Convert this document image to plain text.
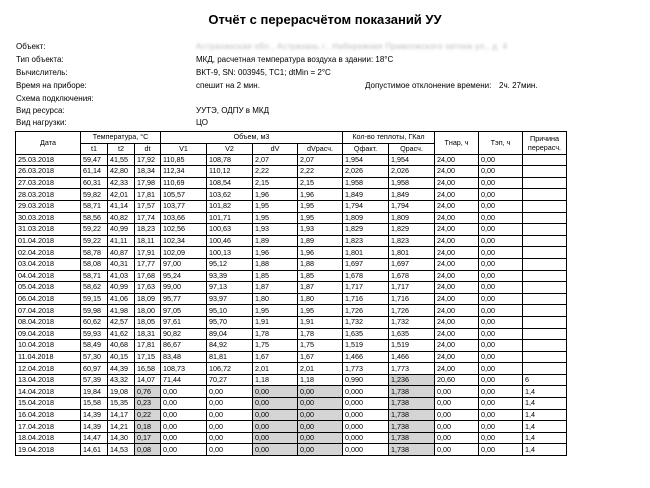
Отчёт с перерасчётом показаний УУ
Объект:	Астраханская обл., Астрахань г., Набережная Приволжского затона ул., д. 4
Тип объекта:	МКД, расчетная температура воздуха в здании: 18°С
Вычислитель:	ВКТ-9, SN: 003945, ТС1; dtMin = 2°С
Время на приборе:	спешит на 2 мин.	Допустимое отклонение времени: 2ч. 27мин.
Схема подключения:
Вид ресурса:	УУТЭ, ОДПУ в МКД
Вид нагрузки:	ЦО
Дата	Температура, °С			Объем, м3				Кол-во теплоты, ГКал		Тнар, ч	Тэп, ч	Причина перерасч.
	t1	t2	dt	V1	V2	dV	dVрасч.	Qфакт.	Qрасч.			
25.03.2018	59,47	41,55	17,92	110,85	108,78	2,07	2,07	1,954	1,954	24,00	0,00	
26.03.2018	61,14	42,80	18,34	112,34	110,12	2,22	2,22	2,026	2,026	24,00	0,00	
27.03.2018	60,31	42,33	17,98	110,69	108,54	2,15	2,15	1,958	1,958	24,00	0,00	
28.03.2018	59,82	42,01	17,81	105,57	103,62	1,96	1,96	1,849	1,849	24,00	0,00	
29.03.2018	58,71	41,14	17,57	103,77	101,82	1,95	1,95	1,794	1,794	24,00	0,00	
30.03.2018	58,56	40,82	17,74	103,66	101,71	1,95	1,95	1,809	1,809	24,00	0,00	
31.03.2018	59,22	40,99	18,23	102,56	100,63	1,93	1,93	1,829	1,829	24,00	0,00	
01.04.2018	59,22	41,11	18,11	102,34	100,46	1,89	1,89	1,823	1,823	24,00	0,00	
02.04.2018	58,78	40,87	17,91	102,09	100,13	1,96	1,96	1,801	1,801	24,00	0,00	
03.04.2018	58,08	40,31	17,77	97,00	95,12	1,88	1,88	1,697	1,697	24,00	0,00	
04.04.2018	58,71	41,03	17,68	95,24	93,39	1,85	1,85	1,678	1,678	24,00	0,00	
05.04.2018	58,62	40,99	17,63	99,00	97,13	1,87	1,87	1,717	1,717	24,00	0,00	
06.04.2018	59,15	41,06	18,09	95,77	93,97	1,80	1,80	1,716	1,716	24,00	0,00	
07.04.2018	59,98	41,98	18,00	97,05	95,10	1,95	1,95	1,726	1,726	24,00	0,00	
08.04.2018	60,62	42,57	18,05	97,61	95,70	1,91	1,91	1,732	1,732	24,00	0,00	
09.04.2018	59,93	41,62	18,31	90,82	89,04	1,78	1,78	1,635	1,635	24,00	0,00	
10.04.2018	58,49	40,68	17,81	86,67	84,92	1,75	1,75	1,519	1,519	24,00	0,00	
11.04.2018	57,30	40,15	17,15	83,48	81,81	1,67	1,67	1,466	1,466	24,00	0,00	
12.04.2018	60,97	44,39	16,58	108,73	106,72	2,01	2,01	1,773	1,773	24,00	0,00	
13.04.2018	57,39	43,32	14,07	71,44	70,27	1,18	1,18	0,990	1,236	20,60	0,00	6
14.04.2018	19,84	19,08	0,76	0,00	0,00	0,00	0,00	0,000	1,738	0,00	0,00	1,4
15.04.2018	15,58	15,35	0,23	0,00	0,00	0,00	0,00	0,000	1,738	0,00	0,00	1,4
16.04.2018	14,39	14,17	0,22	0,00	0,00	0,00	0,00	0,000	1,738	0,00	0,00	1,4
17.04.2018	14,39	14,21	0,18	0,00	0,00	0,00	0,00	0,000	1,738	0,00	0,00	1,4
18.04.2018	14,47	14,30	0,17	0,00	0,00	0,00	0,00	0,000	1,738	0,00	0,00	1,4
19.04.2018	14,61	14,53	0,08	0,00	0,00	0,00	0,00	0,000	1,738	0,00	0,00	1,4
